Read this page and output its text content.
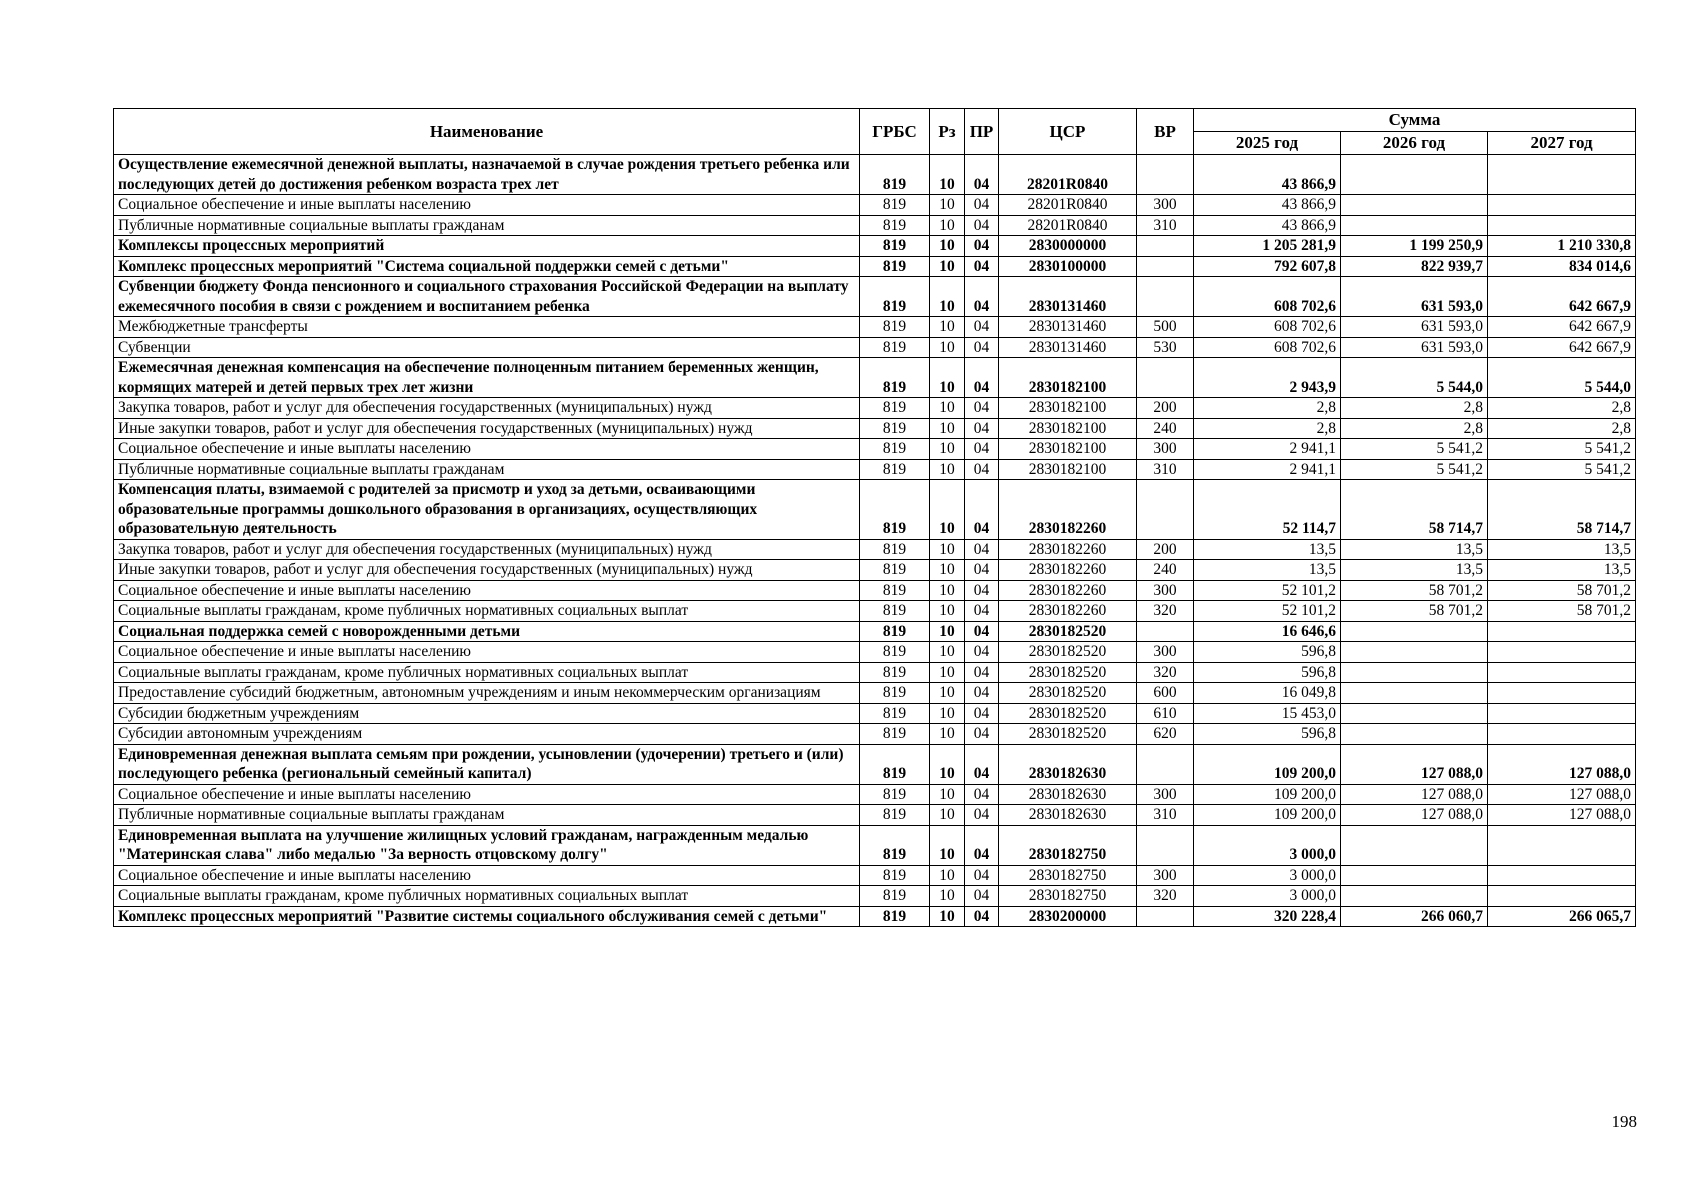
Наименование	ГРБС	Рз	ПР	ЦСР	ВР	Сумма		
						2025 год	2026 год	2027 год
Осуществление ежемесячной денежной выплаты, назначаемой в случае рождения третьего ребенка или последующих детей до достижения ребенком возраста трех лет	819	10	04	28201R0840		43 866,9		
Социальное обеспечение и иные выплаты населению	819	10	04	28201R0840	300	43 866,9		
Публичные нормативные социальные выплаты гражданам	819	10	04	28201R0840	310	43 866,9		
Комплексы процессных мероприятий	819	10	04	2830000000		1 205 281,9	1 199 250,9	1 210 330,8
Комплекс процессных мероприятий "Система социальной поддержки семей с детьми"	819	10	04	2830100000		792 607,8	822 939,7	834 014,6
Субвенции бюджету Фонда пенсионного и социального страхования Российской Федерации на выплату ежемесячного пособия в связи с рождением и воспитанием ребенка	819	10	04	2830131460		608 702,6	631 593,0	642 667,9
Межбюджетные трансферты	819	10	04	2830131460	500	608 702,6	631 593,0	642 667,9
Субвенции	819	10	04	2830131460	530	608 702,6	631 593,0	642 667,9
Ежемесячная денежная компенсация на обеспечение полноценным питанием беременных женщин, кормящих матерей и детей первых трех лет жизни	819	10	04	2830182100		2 943,9	5 544,0	5 544,0
Закупка товаров, работ и услуг для обеспечения государственных (муниципальных) нужд	819	10	04	2830182100	200	2,8	2,8	2,8
Иные закупки товаров, работ и услуг для обеспечения государственных (муниципальных) нужд	819	10	04	2830182100	240	2,8	2,8	2,8
Социальное обеспечение и иные выплаты населению	819	10	04	2830182100	300	2 941,1	5 541,2	5 541,2
Публичные нормативные социальные выплаты гражданам	819	10	04	2830182100	310	2 941,1	5 541,2	5 541,2
Компенсация платы, взимаемой с родителей за присмотр и уход за детьми, осваивающими образовательные программы дошкольного образования в организациях, осуществляющих образовательную деятельность	819	10	04	2830182260		52 114,7	58 714,7	58 714,7
Закупка товаров, работ и услуг для обеспечения государственных (муниципальных) нужд	819	10	04	2830182260	200	13,5	13,5	13,5
Иные закупки товаров, работ и услуг для обеспечения государственных (муниципальных) нужд	819	10	04	2830182260	240	13,5	13,5	13,5
Социальное обеспечение и иные выплаты населению	819	10	04	2830182260	300	52 101,2	58 701,2	58 701,2
Социальные выплаты гражданам, кроме публичных нормативных социальных выплат	819	10	04	2830182260	320	52 101,2	58 701,2	58 701,2
Социальная поддержка семей с новорожденными детьми	819	10	04	2830182520		16 646,6		
Социальное обеспечение и иные выплаты населению	819	10	04	2830182520	300	596,8		
Социальные выплаты гражданам, кроме публичных нормативных социальных выплат	819	10	04	2830182520	320	596,8		
Предоставление субсидий бюджетным, автономным учреждениям и иным некоммерческим организациям	819	10	04	2830182520	600	16 049,8		
Субсидии бюджетным учреждениям	819	10	04	2830182520	610	15 453,0		
Субсидии автономным учреждениям	819	10	04	2830182520	620	596,8		
Единовременная денежная выплата семьям при рождении, усыновлении (удочерении) третьего и (или) последующего ребенка (региональный семейный капитал)	819	10	04	2830182630		109 200,0	127 088,0	127 088,0
Социальное обеспечение и иные выплаты населению	819	10	04	2830182630	300	109 200,0	127 088,0	127 088,0
Публичные нормативные социальные выплаты гражданам	819	10	04	2830182630	310	109 200,0	127 088,0	127 088,0
Единовременная выплата на улучшение жилищных условий гражданам, награжденным медалью "Материнская слава" либо медалью "За верность отцовскому долгу"	819	10	04	2830182750		3 000,0		
Социальное обеспечение и иные выплаты населению	819	10	04	2830182750	300	3 000,0		
Социальные выплаты гражданам, кроме публичных нормативных социальных выплат	819	10	04	2830182750	320	3 000,0		
Комплекс процессных мероприятий "Развитие системы социального обслуживания семей с детьми"	819	10	04	2830200000		320 228,4	266 060,7	266 065,7
198
